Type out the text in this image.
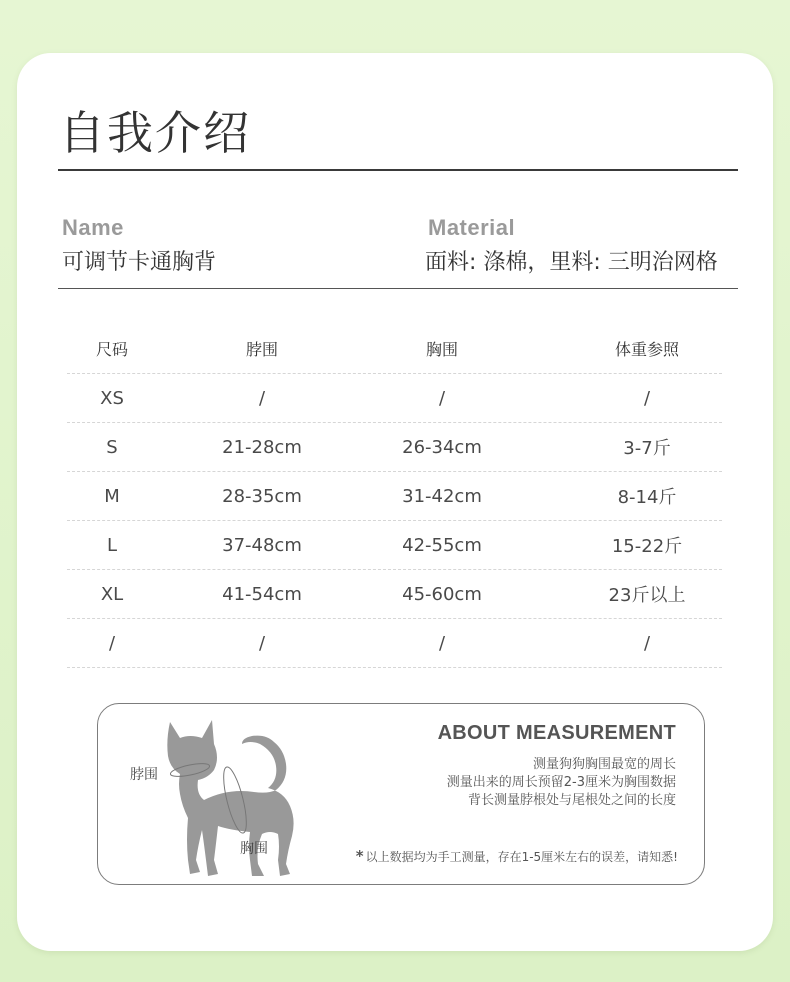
自我介绍
Name
可调节卡通胸背
Material
面料: 涤棉，里料: 三明治网格
尺码	脖围	胸围	体重参照
XS	/	/	/
S	21-28cm	26-34cm	3-7斤
M	28-35cm	31-42cm	8-14斤
L	37-48cm	42-55cm	15-22斤
XL	41-54cm	45-60cm	23斤以上
/	/	/	/
脖围
胸围
ABOUT MEASUREMENT
测量狗狗胸围最宽的周长
测量出来的周长预留2-3厘米为胸围数据
背长测量脖根处与尾根处之间的长度
* 以上数据均为手工测量，存在1-5厘米左右的误差，请知悉!
